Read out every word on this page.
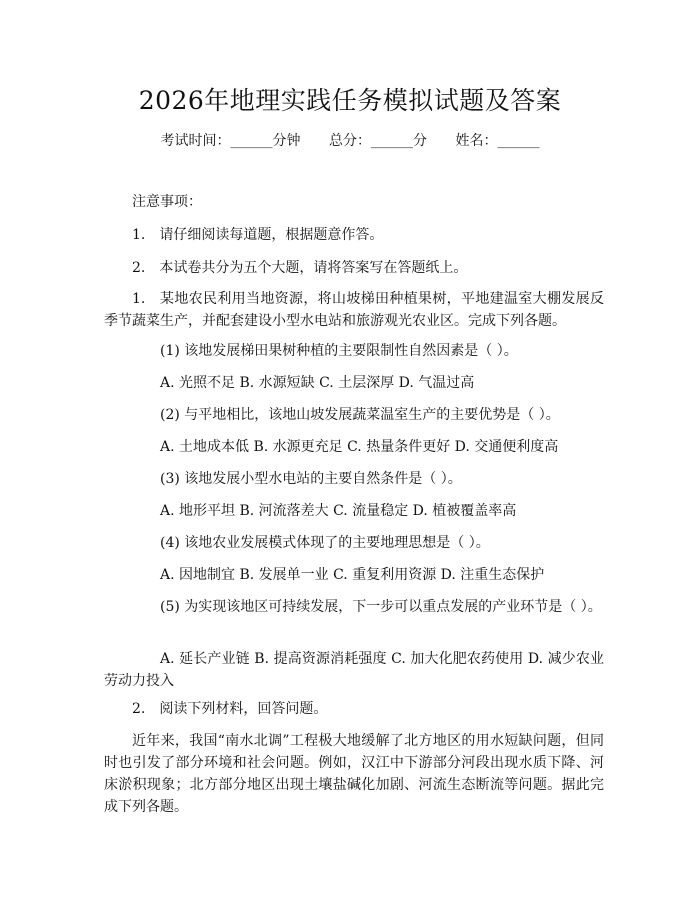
2026年地理实践任务模拟试题及答案
考试时间：______分钟 总分：______分 姓名：______
注意事项：
1.　请仔细阅读每道题，根据题意作答。
2.　本试卷共分为五个大题，请将答案写在答题纸上。
1.　某地农民利用当地资源，将山坡梯田种植果树，平地建温室大棚发展反季节蔬菜生产，并配套建设小型水电站和旅游观光农业区。完成下列各题。
(1) 该地发展梯田果树种植的主要限制性自然因素是（ ）。
A. 光照不足 B. 水源短缺 C. 土层深厚 D. 气温过高
(2) 与平地相比，该地山坡发展蔬菜温室生产的主要优势是（ ）。
A. 土地成本低 B. 水源更充足 C. 热量条件更好 D. 交通便利度高
(3) 该地发展小型水电站的主要自然条件是（ ）。
A. 地形平坦 B. 河流落差大 C. 流量稳定 D. 植被覆盖率高
(4) 该地农业发展模式体现了的主要地理思想是（ ）。
A. 因地制宜 B. 发展单一业 C. 重复利用资源 D. 注重生态保护
(5) 为实现该地区可持续发展，下一步可以重点发展的产业环节是（ ）。
A. 延长产业链 B. 提高资源消耗强度 C. 加大化肥农药使用 D. 减少农业劳动力投入
2.　阅读下列材料，回答问题。
近年来，我国“南水北调”工程极大地缓解了北方地区的用水短缺问题，但同时也引发了部分环境和社会问题。例如，汉江中下游部分河段出现水质下降、河床淤积现象；北方部分地区出现土壤盐碱化加剧、河流生态断流等问题。据此完成下列各题。
